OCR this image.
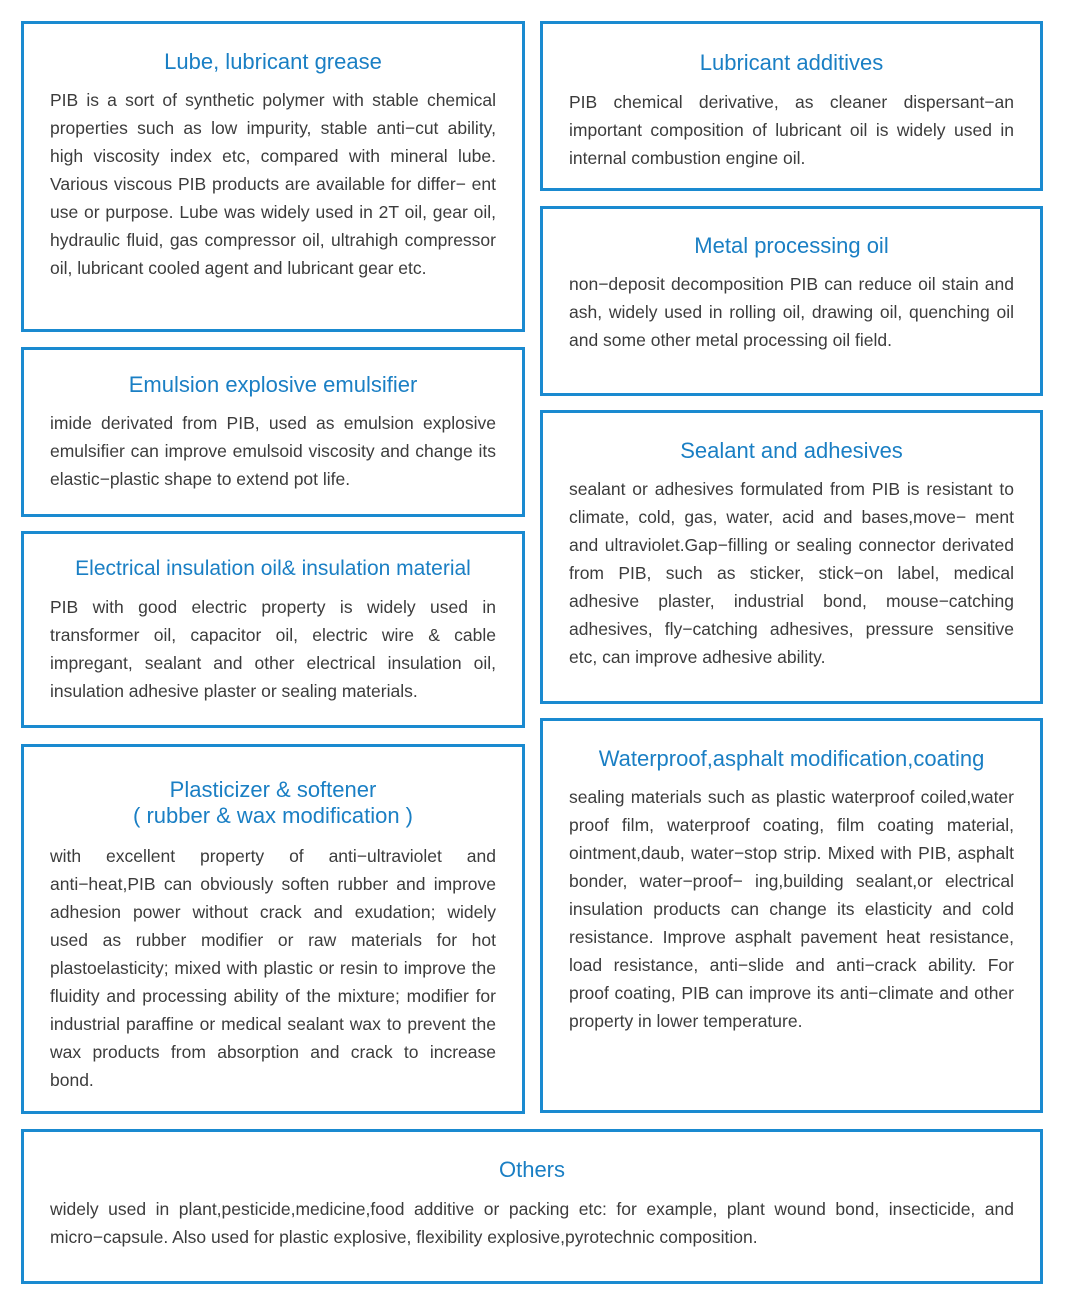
Lube, lubricant grease

PIB is a sort of synthetic polymer with stable chemical properties such as low impurity, stable anti−cut ability, high viscosity index etc, compared with mineral lube. Various viscous PIB products are available for differ− ent use or purpose. Lube was widely used in 2T oil, gear oil, hydraulic fluid, gas compressor oil, ultrahigh compressor oil, lubricant cooled agent and lubricant gear etc.

Emulsion explosive emulsifier

imide derivated from PIB, used as emulsion explosive emulsifier can improve emulsoid viscosity and change its elastic−plastic shape to extend pot life.

Electrical insulation oil& insulation material

PIB with good electric property is widely used in transformer oil, capacitor oil, electric wire & cable impregant, sealant and other electrical insulation oil, insulation adhesive plaster or sealing materials.

Plasticizer & softener
( rubber & wax modification )

with excellent property of anti−ultraviolet and anti−heat,PIB can obviously soften rubber and improve adhesion power without crack and exudation; widely used as rubber modifier or raw materials for hot plastoelasticity; mixed with plastic or resin to improve the fluidity and processing ability of the mixture; modifier for industrial paraffine or medical sealant wax to prevent the wax products from absorption and crack to increase bond.

Lubricant additives

PIB chemical derivative, as cleaner dispersant−an important composition of lubricant oil is widely used in internal combustion engine oil.

Metal processing oil

non−deposit decomposition PIB can reduce oil stain and ash, widely used in rolling oil, drawing oil, quenching oil and some other metal processing oil field.

Sealant and adhesives

sealant or adhesives formulated from PIB is resistant to climate, cold, gas, water, acid and bases,move− ment and ultraviolet.Gap−filling or sealing connector derivated from PIB, such as sticker, stick−on label, medical adhesive plaster, industrial bond, mouse−catching adhesives, fly−catching adhesives, pressure sensitive etc, can improve adhesive ability.

Waterproof,asphalt modification,coating

sealing materials such as plastic waterproof coiled,water proof film, waterproof coating, film coating material, ointment,daub, water−stop strip. Mixed with PIB, asphalt bonder, water−proof− ing,building sealant,or electrical insulation products can change its elasticity and cold resistance. Improve asphalt pavement heat resistance, load resistance, anti−slide and anti−crack ability. For proof coating, PIB can improve its anti−climate and other property in lower temperature.

Others

widely used in plant,pesticide,medicine,food additive or packing etc: for example, plant wound bond, insecticide, and micro−capsule. Also used for plastic explosive, flexibility explosive,pyrotechnic composition.
